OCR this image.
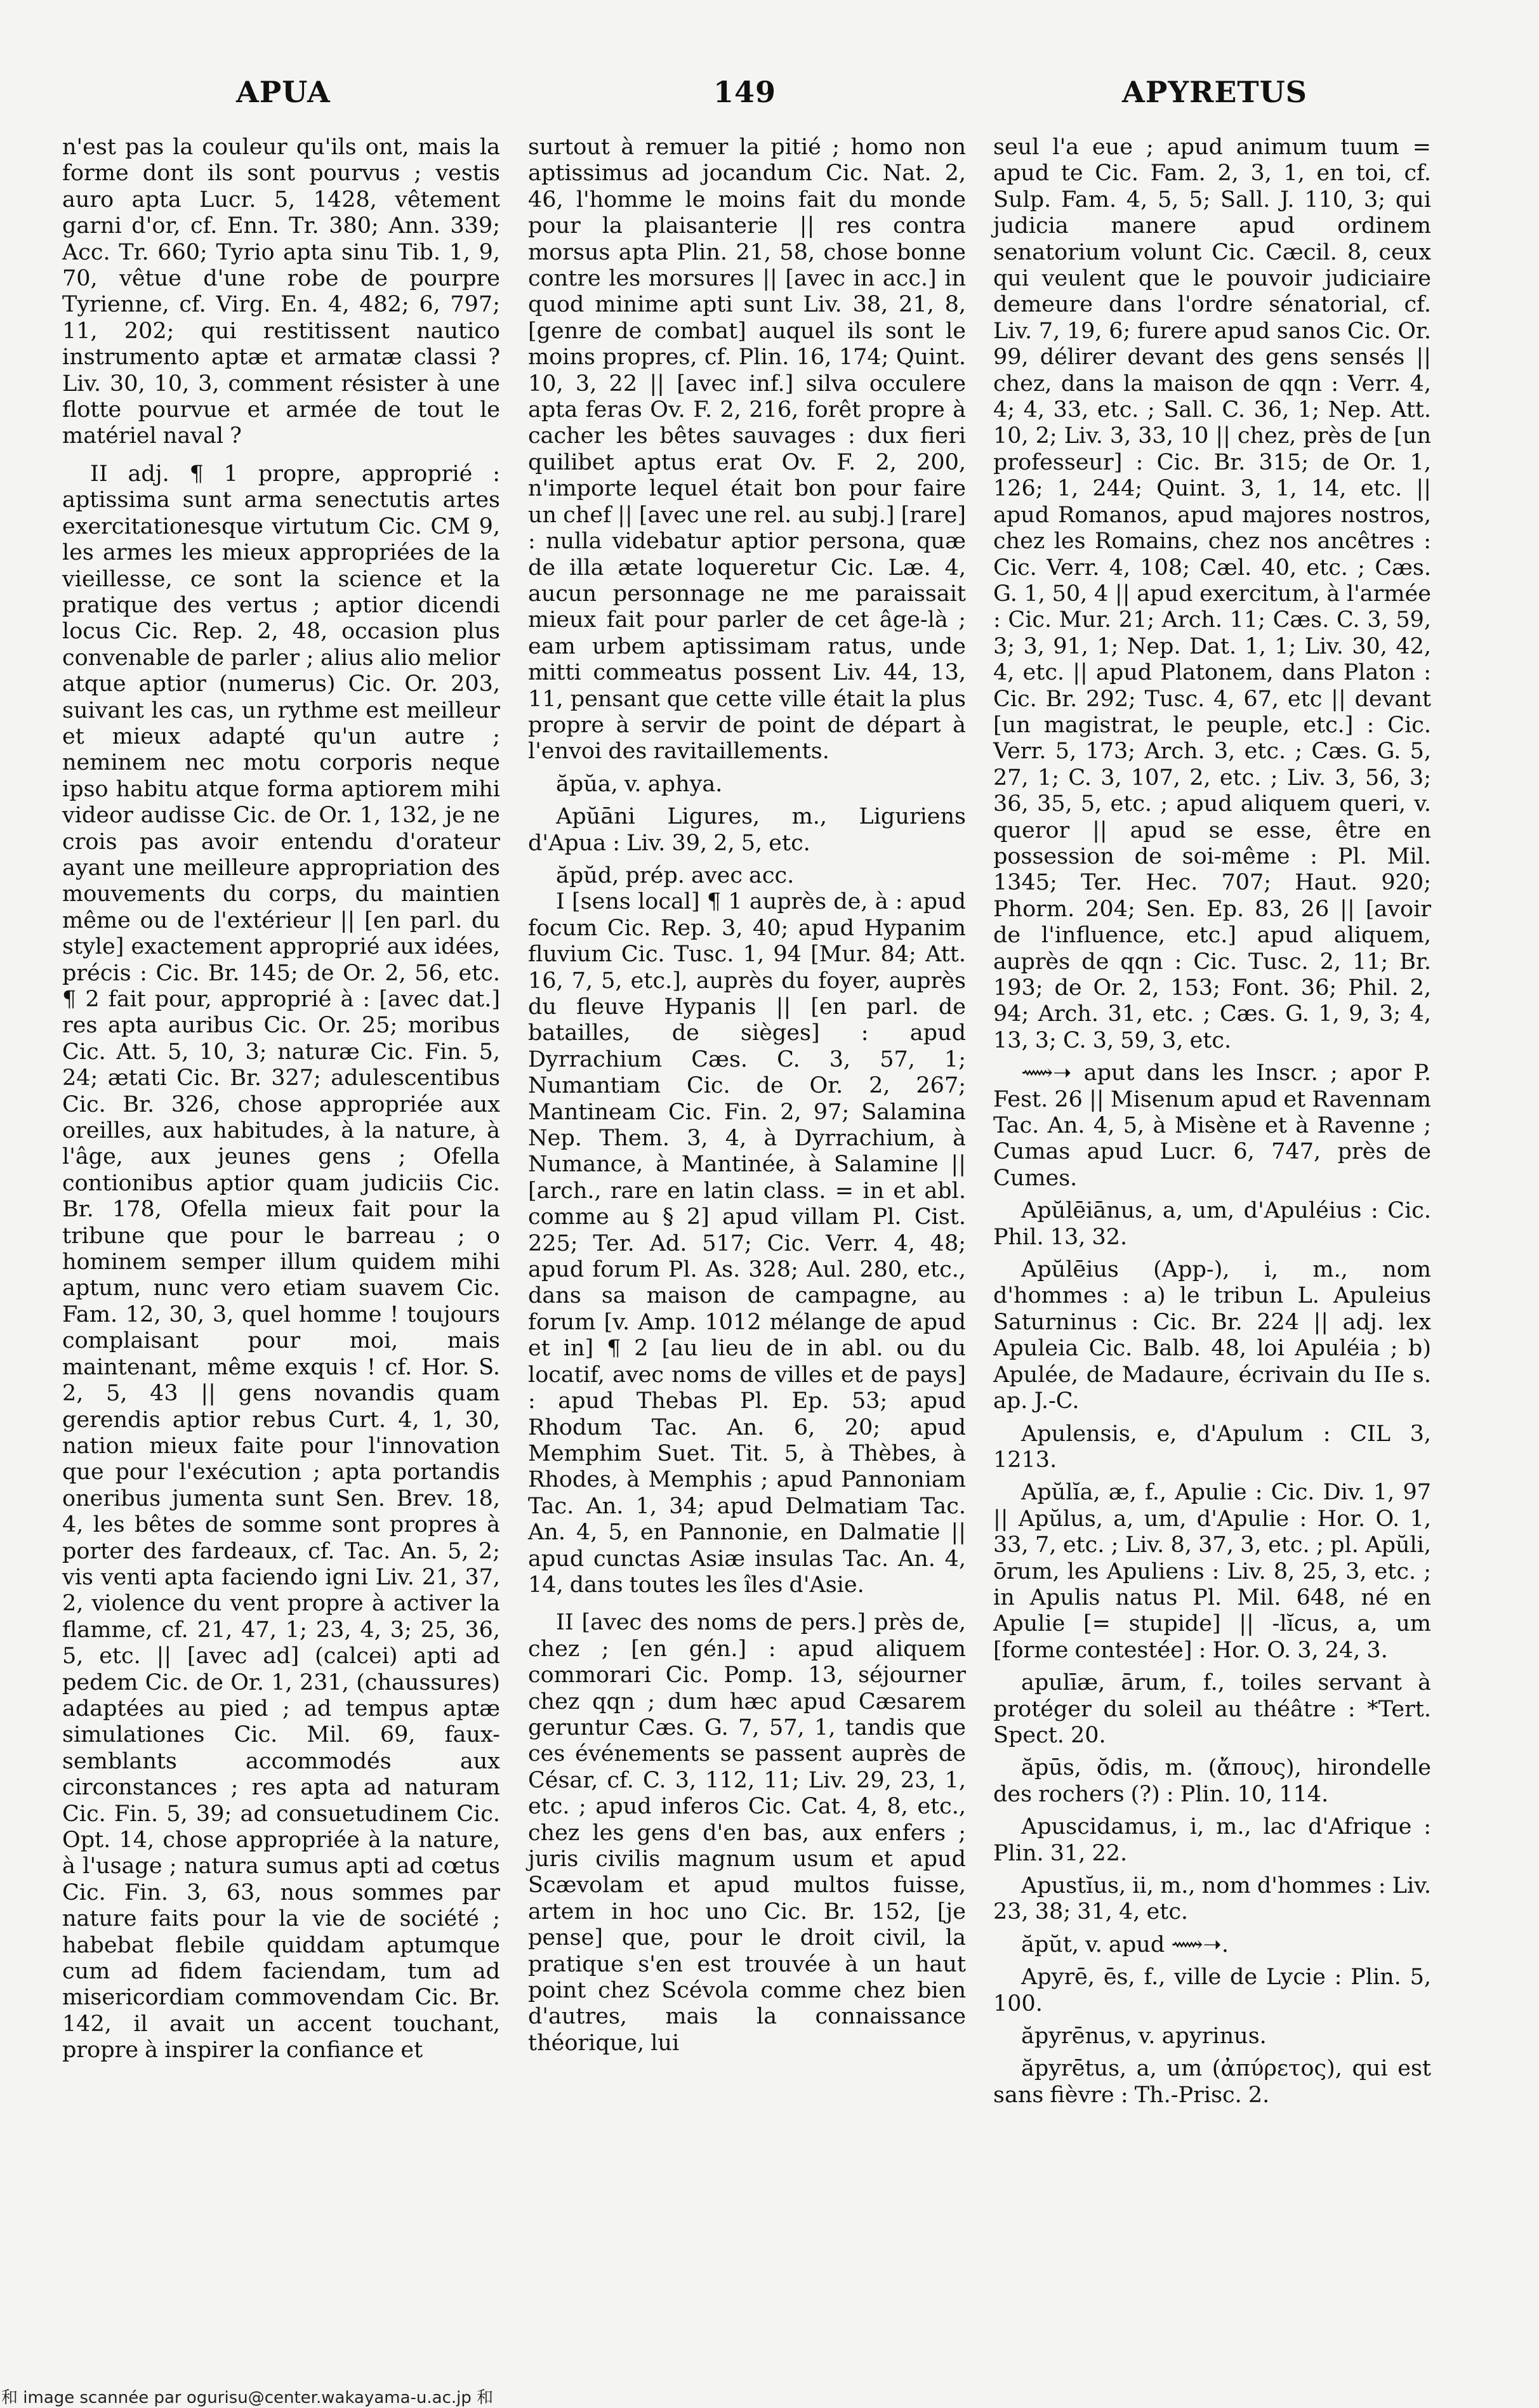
APUA	149	APYRETUS

n'est pas la couleur qu'ils ont, mais la forme dont ils sont pourvus ; vestis auro apta Lucr. 5, 1428, vêtement garni d'or, cf. Enn. Tr. 380; Ann. 339; Acc. Tr. 660; Tyrio apta sinu Tib. 1, 9, 70, vêtue d'une robe de pourpre Tyrienne, cf. Virg. En. 4, 482; 6, 797; 11, 202; qui restitissent nautico instrumento aptæ et armatæ classi ? Liv. 30, 10, 3, comment résister à une flotte pourvue et armée de tout le matériel naval ?

II adj. ¶ 1 propre, approprié : aptissima sunt arma senectutis artes exercitationesque virtutum Cic. CM 9, les armes les mieux appropriées de la vieillesse, ce sont la science et la pratique des vertus ; aptior dicendi locus Cic. Rep. 2, 48, occasion plus convenable de parler ; alius alio melior atque aptior (numerus) Cic. Or. 203, suivant les cas, un rythme est meilleur et mieux adapté qu'un autre ; neminem nec motu corporis neque ipso habitu atque forma aptiorem mihi videor audisse Cic. de Or. 1, 132, je ne crois pas avoir entendu d'orateur ayant une meilleure appropriation des mouvements du corps, du maintien même ou de l'extérieur || [en parl. du style] exactement approprié aux idées, précis : Cic. Br. 145; de Or. 2, 56, etc. ¶ 2 fait pour, approprié à : [avec dat.] res apta auribus Cic. Or. 25; moribus Cic. Att. 5, 10, 3; naturæ Cic. Fin. 5, 24; ætati Cic. Br. 327; adulescentibus Cic. Br. 326, chose appropriée aux oreilles, aux habitudes, à la nature, à l'âge, aux jeunes gens ; Ofella contionibus aptior quam judiciis Cic. Br. 178, Ofella mieux fait pour la tribune que pour le barreau ; o hominem semper illum quidem mihi aptum, nunc vero etiam suavem Cic. Fam. 12, 30, 3, quel homme ! toujours complaisant pour moi, mais maintenant, même exquis ! cf. Hor. S. 2, 5, 43 || gens novandis quam gerendis aptior rebus Curt. 4, 1, 30, nation mieux faite pour l'innovation que pour l'exécution ; apta portandis oneribus jumenta sunt Sen. Brev. 18, 4, les bêtes de somme sont propres à porter des fardeaux, cf. Tac. An. 5, 2; vis venti apta faciendo igni Liv. 21, 37, 2, violence du vent propre à activer la flamme, cf. 21, 47, 1; 23, 4, 3; 25, 36, 5, etc. || [avec ad] (calcei) apti ad pedem Cic. de Or. 1, 231, (chaussures) adaptées au pied ; ad tempus aptæ simulationes Cic. Mil. 69, faux-semblants accommodés aux circonstances ; res apta ad naturam Cic. Fin. 5, 39; ad consuetudinem Cic. Opt. 14, chose appropriée à la nature, à l'usage ; natura sumus apti ad cœtus Cic. Fin. 3, 63, nous sommes par nature faits pour la vie de société ; habebat flebile quiddam aptumque cum ad fidem faciendam, tum ad misericordiam commovendam Cic. Br. 142, il avait un accent touchant, propre à inspirer la confiance et

surtout à remuer la pitié ; homo non aptissimus ad jocandum Cic. Nat. 2, 46, l'homme le moins fait du monde pour la plaisanterie || res contra morsus apta Plin. 21, 58, chose bonne contre les morsures || [avec in acc.] in quod minime apti sunt Liv. 38, 21, 8, [genre de combat] auquel ils sont le moins propres, cf. Plin. 16, 174; Quint. 10, 3, 22 || [avec inf.] silva occulere apta feras Ov. F. 2, 216, forêt propre à cacher les bêtes sauvages : dux fieri quilibet aptus erat Ov. F. 2, 200, n'importe lequel était bon pour faire un chef || [avec une rel. au subj.] [rare] : nulla videbatur aptior persona, quæ de illa ætate loqueretur Cic. Læ. 4, aucun personnage ne me paraissait mieux fait pour parler de cet âge-là ; eam urbem aptissimam ratus, unde mitti commeatus possent Liv. 44, 13, 11, pensant que cette ville était la plus propre à servir de point de départ à l'envoi des ravitaillements.

ăpŭa, v. aphya.

Apŭāni Ligures, m., Liguriens d'Apua : Liv. 39, 2, 5, etc.

ăpŭd, prép. avec acc.

I [sens local] ¶ 1 auprès de, à : apud focum Cic. Rep. 3, 40; apud Hypanim fluvium Cic. Tusc. 1, 94 [Mur. 84; Att. 16, 7, 5, etc.], auprès du foyer, auprès du fleuve Hypanis || [en parl. de batailles, de sièges] : apud Dyrrachium Cæs. C. 3, 57, 1; Numantiam Cic. de Or. 2, 267; Mantineam Cic. Fin. 2, 97; Salamina Nep. Them. 3, 4, à Dyrrachium, à Numance, à Mantinée, à Salamine || [arch., rare en latin class. = in et abl. comme au § 2] apud villam Pl. Cist. 225; Ter. Ad. 517; Cic. Verr. 4, 48; apud forum Pl. As. 328; Aul. 280, etc., dans sa maison de campagne, au forum [v. Amp. 1012 mélange de apud et in] ¶ 2 [au lieu de in abl. ou du locatif, avec noms de villes et de pays] : apud Thebas Pl. Ep. 53; apud Rhodum Tac. An. 6, 20; apud Memphim Suet. Tit. 5, à Thèbes, à Rhodes, à Memphis ; apud Pannoniam Tac. An. 1, 34; apud Delmatiam Tac. An. 4, 5, en Pannonie, en Dalmatie || apud cunctas Asiæ insulas Tac. An. 4, 14, dans toutes les îles d'Asie.

II [avec des noms de pers.] près de, chez ; [en gén.] : apud aliquem commorari Cic. Pomp. 13, séjourner chez qqn ; dum hæc apud Cæsarem geruntur Cæs. G. 7, 57, 1, tandis que ces événements se passent auprès de César, cf. C. 3, 112, 11; Liv. 29, 23, 1, etc. ; apud inferos Cic. Cat. 4, 8, etc., chez les gens d'en bas, aux enfers ; juris civilis magnum usum et apud Scævolam et apud multos fuisse, artem in hoc uno Cic. Br. 152, [je pense] que, pour le droit civil, la pratique s'en est trouvée à un haut point chez Scévola comme chez bien d'autres, mais la connaissance théorique, lui

seul l'a eue ; apud animum tuum = apud te Cic. Fam. 2, 3, 1, en toi, cf. Sulp. Fam. 4, 5, 5; Sall. J. 110, 3; qui judicia manere apud ordinem senatorium volunt Cic. Cæcil. 8, ceux qui veulent que le pouvoir judiciaire demeure dans l'ordre sénatorial, cf. Liv. 7, 19, 6; furere apud sanos Cic. Or. 99, délirer devant des gens sensés || chez, dans la maison de qqn : Verr. 4, 4; 4, 33, etc. ; Sall. C. 36, 1; Nep. Att. 10, 2; Liv. 3, 33, 10 || chez, près de [un professeur] : Cic. Br. 315; de Or. 1, 126; 1, 244; Quint. 3, 1, 14, etc. || apud Romanos, apud majores nostros, chez les Romains, chez nos ancêtres : Cic. Verr. 4, 108; Cæl. 40, etc. ; Cæs. G. 1, 50, 4 || apud exercitum, à l'armée : Cic. Mur. 21; Arch. 11; Cæs. C. 3, 59, 3; 3, 91, 1; Nep. Dat. 1, 1; Liv. 30, 42, 4, etc. || apud Platonem, dans Platon : Cic. Br. 292; Tusc. 4, 67, etc || devant [un magistrat, le peuple, etc.] : Cic. Verr. 5, 173; Arch. 3, etc. ; Cæs. G. 5, 27, 1; C. 3, 107, 2, etc. ; Liv. 3, 56, 3; 36, 35, 5, etc. ; apud aliquem queri, v. queror || apud se esse, être en possession de soi-même : Pl. Mil. 1345; Ter. Hec. 707; Haut. 920; Phorm. 204; Sen. Ep. 83, 26 || [avoir de l'influence, etc.] apud aliquem, auprès de qqn : Cic. Tusc. 2, 11; Br. 193; de Or. 2, 153; Font. 36; Phil. 2, 94; Arch. 31, etc. ; Cæs. G. 1, 9, 3; 4, 13, 3; C. 3, 59, 3, etc.

⟿➝ aput dans les Inscr. ; apor P. Fest. 26 || Misenum apud et Ravennam Tac. An. 4, 5, à Misène et à Ravenne ; Cumas apud Lucr. 6, 747, près de Cumes.

Apŭlēiānus, a, um, d'Apuléius : Cic. Phil. 13, 32.

Apŭlēius (App-), i, m., nom d'hommes : a) le tribun L. Apuleius Saturninus : Cic. Br. 224 || adj. lex Apuleia Cic. Balb. 48, loi Apuléia ; b) Apulée, de Madaure, écrivain du IIe s. ap. J.-C.

Apulensis, e, d'Apulum : CIL 3, 1213.

Apŭlĭa, æ, f., Apulie : Cic. Div. 1, 97 || Apŭlus, a, um, d'Apulie : Hor. O. 1, 33, 7, etc. ; Liv. 8, 37, 3, etc. ; pl. Apŭli, ōrum, les Apuliens : Liv. 8, 25, 3, etc. ; in Apulis natus Pl. Mil. 648, né en Apulie [= stupide] || -lĭcus, a, um [forme contestée] : Hor. O. 3, 24, 3.

apulīæ, ārum, f., toiles servant à protéger du soleil au théâtre : *Tert. Spect. 20.

ăpūs, ŏdis, m. (ἄπους), hirondelle des rochers (?) : Plin. 10, 114.

Apuscidamus, i, m., lac d'Afrique : Plin. 31, 22.

Apustĭus, ii, m., nom d'hommes : Liv. 23, 38; 31, 4, etc.

ăpŭt, v. apud ⟿➝.

Apyrē, ēs, f., ville de Lycie : Plin. 5, 100.

ăpyrēnus, v. apyrinus.

ăpyrētus, a, um (ἀπύρετος), qui est sans fièvre : Th.-Prisc. 2.

和 image scannée par ogurisu@center.wakayama-u.ac.jp 和
